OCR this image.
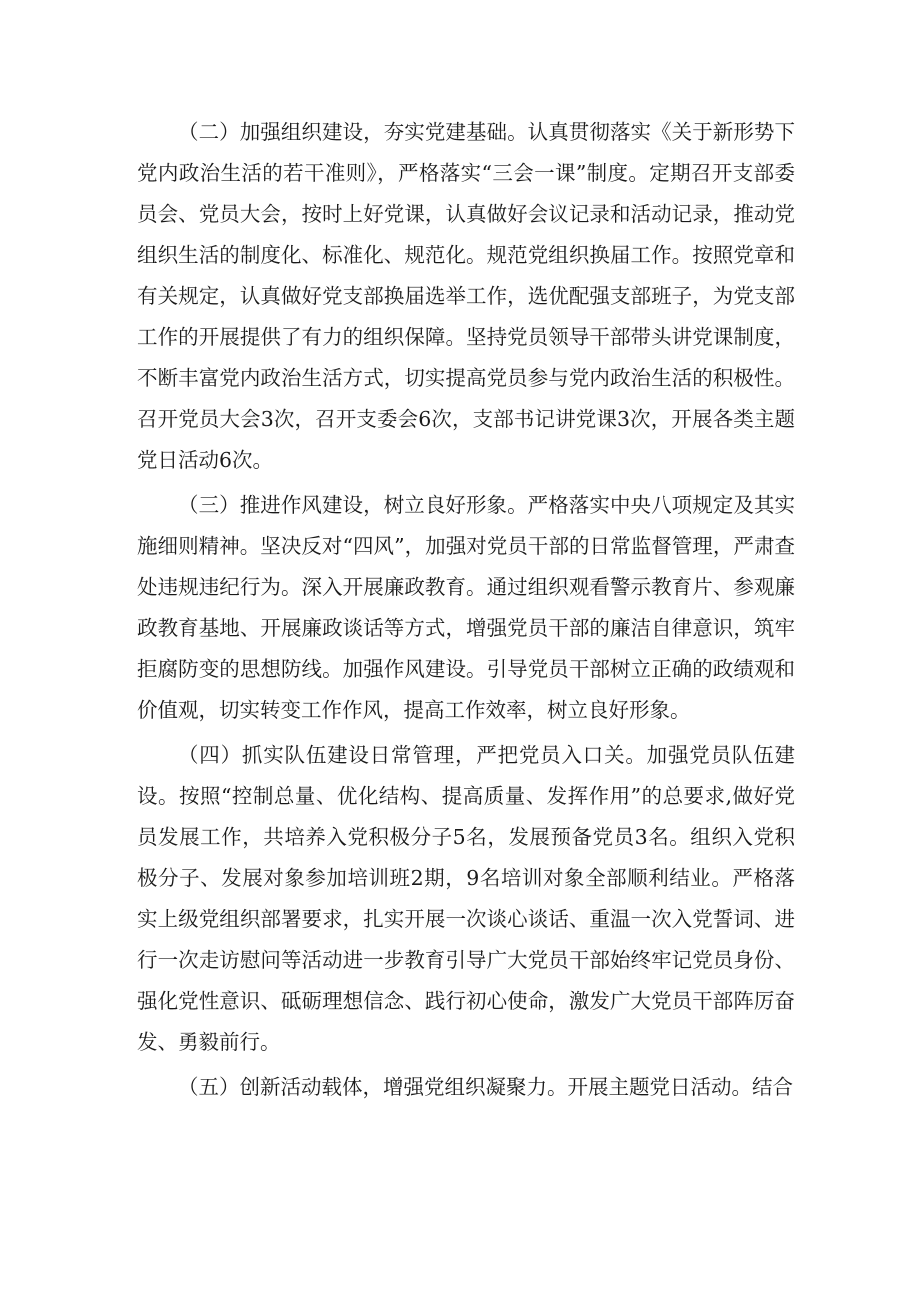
（二）加强组织建设，夯实党建基础。认真贯彻落实《关于新形势下党内政治生活的若干准则》，严格落实“三会一课”制度。定期召开支部委员会、党员大会，按时上好党课，认真做好会议记录和活动记录，推动党组织生活的制度化、标准化、规范化。规范党组织换届工作。按照党章和有关规定，认真做好党支部换届选举工作，选优配强支部班子，为党支部工作的开展提供了有力的组织保障。坚持党员领导干部带头讲党课制度，不断丰富党内政治生活方式，切实提高党员参与党内政治生活的积极性。召开党员大会3次，召开支委会6次，支部书记讲党课3次，开展各类主题党日活动6次。

（三）推进作风建设，树立良好形象。严格落实中央八项规定及其实施细则精神。坚决反对“四风”，加强对党员干部的日常监督管理，严肃查处违规违纪行为。深入开展廉政教育。通过组织观看警示教育片、参观廉政教育基地、开展廉政谈话等方式，增强党员干部的廉洁自律意识，筑牢拒腐防变的思想防线。加强作风建设。引导党员干部树立正确的政绩观和价值观，切实转变工作作风，提高工作效率，树立良好形象。

（四）抓实队伍建设日常管理，严把党员入口关。加强党员队伍建设。按照“控制总量、优化结构、提高质量、发挥作用”的总要求,做好党员发展工作，共培养入党积极分子5名，发展预备党员3名。组织入党积极分子、发展对象参加培训班2期，9名培训对象全部顺利结业。严格落实上级党组织部署要求，扎实开展一次谈心谈话、重温一次入党誓词、进行一次走访慰问等活动进一步教育引导广大党员干部始终牢记党员身份、强化党性意识、砥砺理想信念、践行初心使命，激发广大党员干部阵厉奋发、勇毅前行。

（五）创新活动载体，增强党组织凝聚力。开展主题党日活动。结合
